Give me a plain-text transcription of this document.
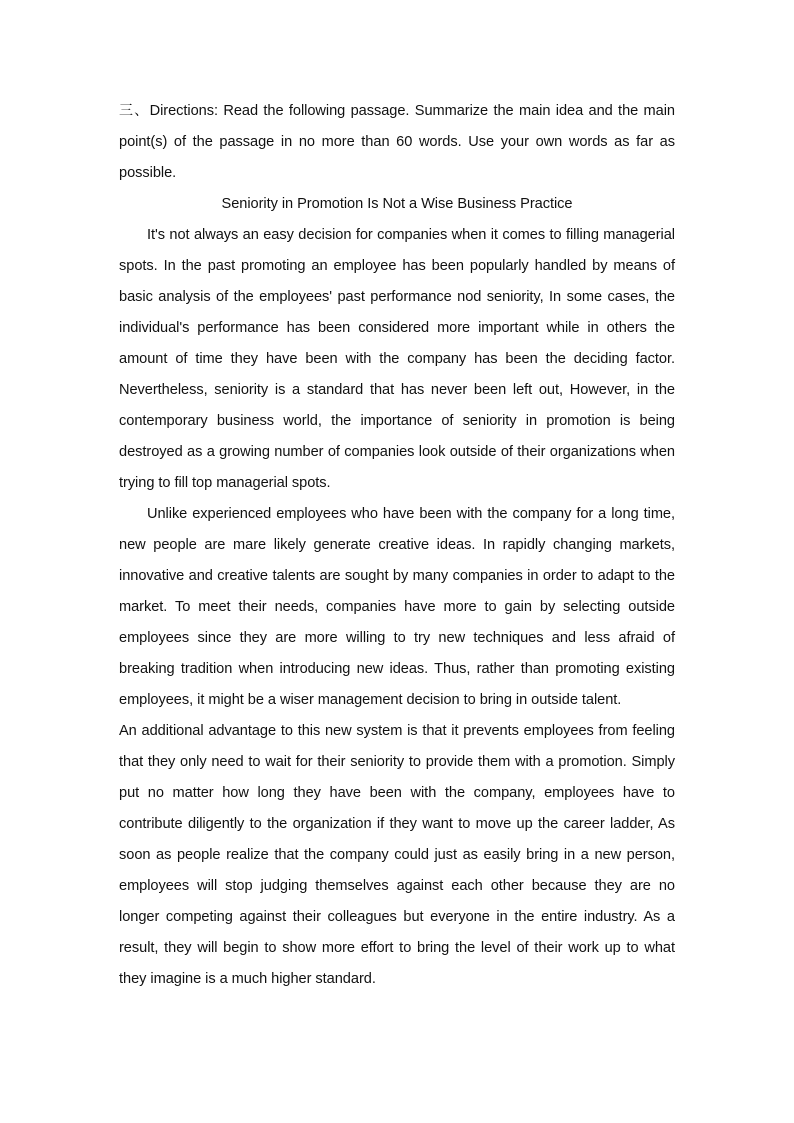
三、Directions: Read the following passage. Summarize the main idea and the main point(s) of the passage in no more than 60 words. Use your own words as far as possible.

Seniority in Promotion Is Not a Wise Business Practice

It's not always an easy decision for companies when it comes to filling managerial spots. In the past promoting an employee has been popularly handled by means of basic analysis of the employees' past performance nod seniority, In some cases, the individual's performance has been considered more important while in others the amount of time they have been with the company has been the deciding factor. Nevertheless, seniority is a standard that has never been left out, However, in the contemporary business world, the importance of seniority in promotion is being destroyed as a growing number of companies look outside of their organizations when trying to fill top managerial spots.

Unlike experienced employees who have been with the company for a long time, new people are mare likely generate creative ideas. In rapidly changing markets, innovative and creative talents are sought by many companies in order to adapt to the market. To meet their needs, companies have more to gain by selecting outside employees since they are more willing to try new techniques and less afraid of breaking tradition when introducing new ideas. Thus, rather than promoting existing employees, it might be a wiser management decision to bring in outside talent.

An additional advantage to this new system is that it prevents employees from feeling that they only need to wait for their seniority to provide them with a promotion. Simply put no matter how long they have been with the company, employees have to contribute diligently to the organization if they want to move up the career ladder, As soon as people realize that the company could just as easily bring in a new person, employees will stop judging themselves against each other because they are no longer competing against their colleagues but everyone in the entire industry. As a result, they will begin to show more effort to bring the level of their work up to what they imagine is a much higher standard.
